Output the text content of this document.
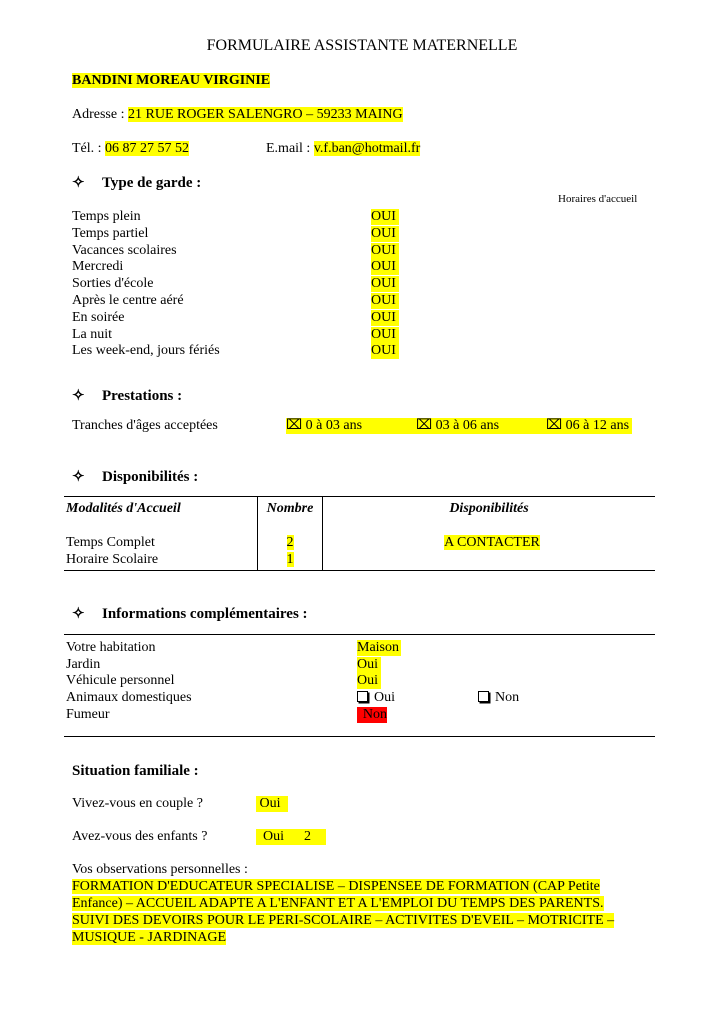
FORMULAIRE ASSISTANTE MATERNELLE
BANDINI MOREAU VIRGINIE
Adresse : 21 RUE ROGER SALENGRO – 59233 MAING
Tél. : 06 87 27 57 52	E.mail : v.f.ban@hotmail.fr
✧ Type de garde :
Horaires d'accueil
Temps plein	OUI
Temps partiel	OUI
Vacances scolaires	OUI
Mercredi	OUI
Sorties d'école	OUI
Après le centre aéré	OUI
En soirée	OUI
La nuit	OUI
Les week-end, jours fériés	OUI
✧ Prestations :
Tranches d'âges acceptées	⌧ 0 à 03 ans	⌧ 03 à 06 ans	⌧ 06 à 12 ans
✧ Disponibilités :
Modalités d'Accueil	Nombre	Disponibilités
Temps Complet	2	A CONTACTER
Horaire Scolaire	1
✧ Informations complémentaires :
Votre habitation	Maison
Jardin	Oui
Véhicule personnel	Oui
Animaux domestiques	Oui	Non
Fumeur	Non
Situation familiale :
Vivez-vous en couple ?	Oui
Avez-vous des enfants ?	Oui 2
Vos observations personnelles :
FORMATION D'EDUCATEUR SPECIALISE – DISPENSEE DE FORMATION (CAP Petite
Enfance) – ACCUEIL ADAPTE A L'ENFANT ET A L'EMPLOI DU TEMPS DES PARENTS.
SUIVI DES DEVOIRS POUR LE PERI-SCOLAIRE – ACTIVITES D'EVEIL – MOTRICITE –
MUSIQUE - JARDINAGE
